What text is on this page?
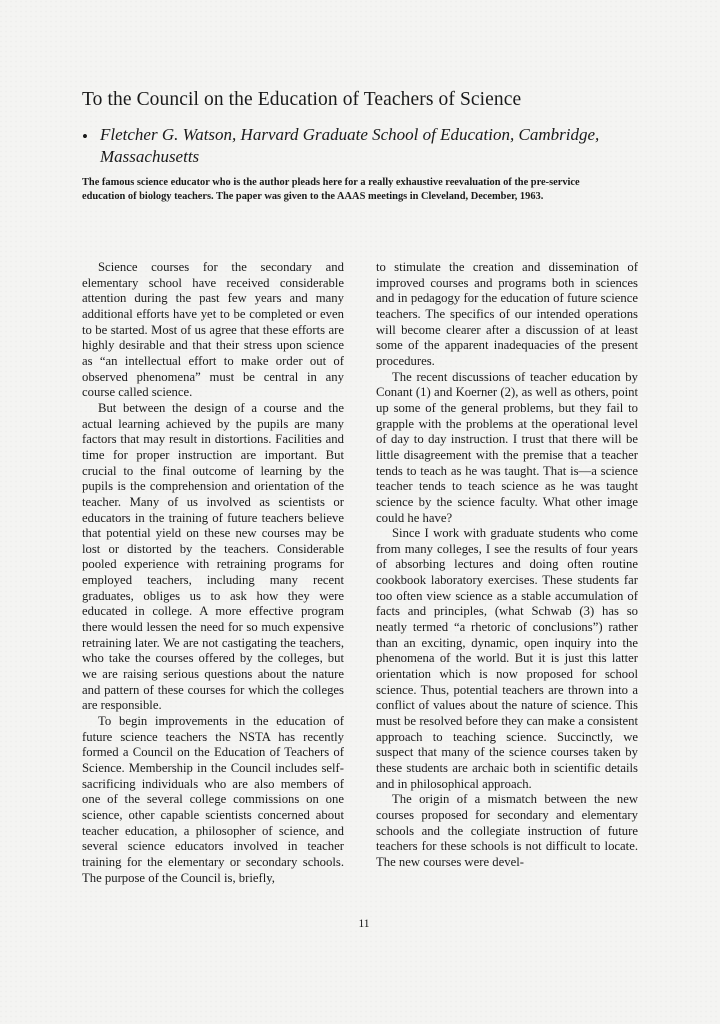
To the Council on the Education of Teachers of Science
• Fletcher G. Watson, Harvard Graduate School of Education, Cambridge, Massachusetts
The famous science educator who is the author pleads here for a really exhaustive reevaluation of the pre-service education of biology teachers. The paper was given to the AAAS meetings in Cleveland, December, 1963.

Science courses for the secondary and elementary school have received considerable attention during the past few years and many additional efforts have yet to be completed or even to be started. Most of us agree that these efforts are highly desirable and that their stress upon science as “an intellectual effort to make order out of observed phenomena” must be central in any course called science.

But between the design of a course and the actual learning achieved by the pupils are many factors that may result in distortions. Facilities and time for proper instruction are important. But crucial to the final outcome of learning by the pupils is the comprehension and orientation of the teacher. Many of us involved as scientists or educators in the training of future teachers believe that potential yield on these new courses may be lost or distorted by the teachers. Considerable pooled experience with retraining programs for employed teachers, including many recent graduates, obliges us to ask how they were educated in college. A more effective program there would lessen the need for so much expensive retraining later. We are not castigating the teachers, who take the courses offered by the colleges, but we are raising serious questions about the nature and pattern of these courses for which the colleges are responsible.

To begin improvements in the education of future science teachers the NSTA has recently formed a Council on the Education of Teachers of Science. Membership in the Council includes self-sacrificing individuals who are also members of one of the several college commissions on one science, other capable scientists concerned about teacher education, a philosopher of science, and several science educators involved in teacher training for the elementary or secondary schools. The purpose of the Council is, briefly,

to stimulate the creation and dissemination of improved courses and programs both in sciences and in pedagogy for the education of future science teachers. The specifics of our intended operations will become clearer after a discussion of at least some of the apparent inadequacies of the present procedures.

The recent discussions of teacher education by Conant (1) and Koerner (2), as well as others, point up some of the general problems, but they fail to grapple with the problems at the operational level of day to day instruction. I trust that there will be little disagreement with the premise that a teacher tends to teach as he was taught. That is—a science teacher tends to teach science as he was taught science by the science faculty. What other image could he have?

Since I work with graduate students who come from many colleges, I see the results of four years of absorbing lectures and doing often routine cookbook laboratory exercises. These students far too often view science as a stable accumulation of facts and principles, (what Schwab (3) has so neatly termed “a rhetoric of conclusions”) rather than an exciting, dynamic, open inquiry into the phenomena of the world. But it is just this latter orientation which is now proposed for school science. Thus, potential teachers are thrown into a conflict of values about the nature of science. This must be resolved before they can make a consistent approach to teaching science. Succinctly, we suspect that many of the science courses taken by these students are archaic both in scientific details and in philosophical approach.

The origin of a mismatch between the new courses proposed for secondary and elementary schools and the collegiate instruction of future teachers for these schools is not difficult to locate. The new courses were devel-

11
